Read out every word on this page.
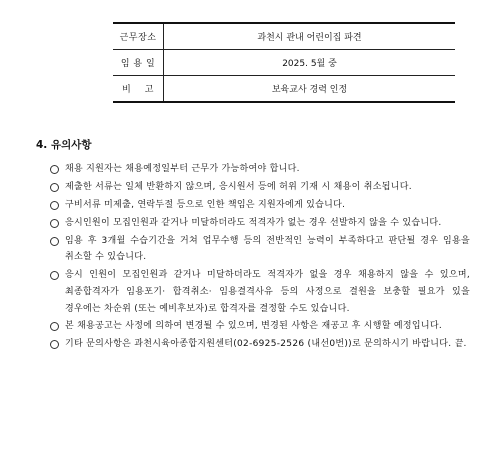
근무장소	과천시 관내 어린이집 파견
임 용 일	2025. 5월 중
비    고	보육교사 경력 인정
4. 유의사항
채용 지원자는 채용예정일부터 근무가 가능하여야 합니다.
제출한 서류는 일체 반환하지 않으며, 응시원서 등에 허위 기재 시 채용이 취소됩니다.
구비서류 미제출, 연락두절 등으로 인한 책임은 지원자에게 있습니다.
응시인원이 모집인원과 같거나 미달하더라도 적격자가 없는 경우 선발하지 않을 수 있습니다.
임용 후 3개월 수습기간을 거쳐 업무수행 등의 전반적인 능력이 부족하다고 판단될 경우 임용을 취소할 수 있습니다.
응시 인원이 모집인원과 같거나 미달하더라도 적격자가 없을 경우 채용하지 않을 수 있으며, 최종합격자가 임용포기· 합격취소· 임용결격사유 등의 사정으로 결원을 보충할 필요가 있을 경우에는 차순위 (또는 예비후보자)로 합격자를 결정할 수도 있습니다.
본 채용공고는 사정에 의하여 변경될 수 있으며, 변경된 사항은 재공고 후 시행할 예정입니다.
기타 문의사항은 과천시육아종합지원센터(02-6925-2526 (내선0번))로 문의하시기 바랍니다. 끝.
